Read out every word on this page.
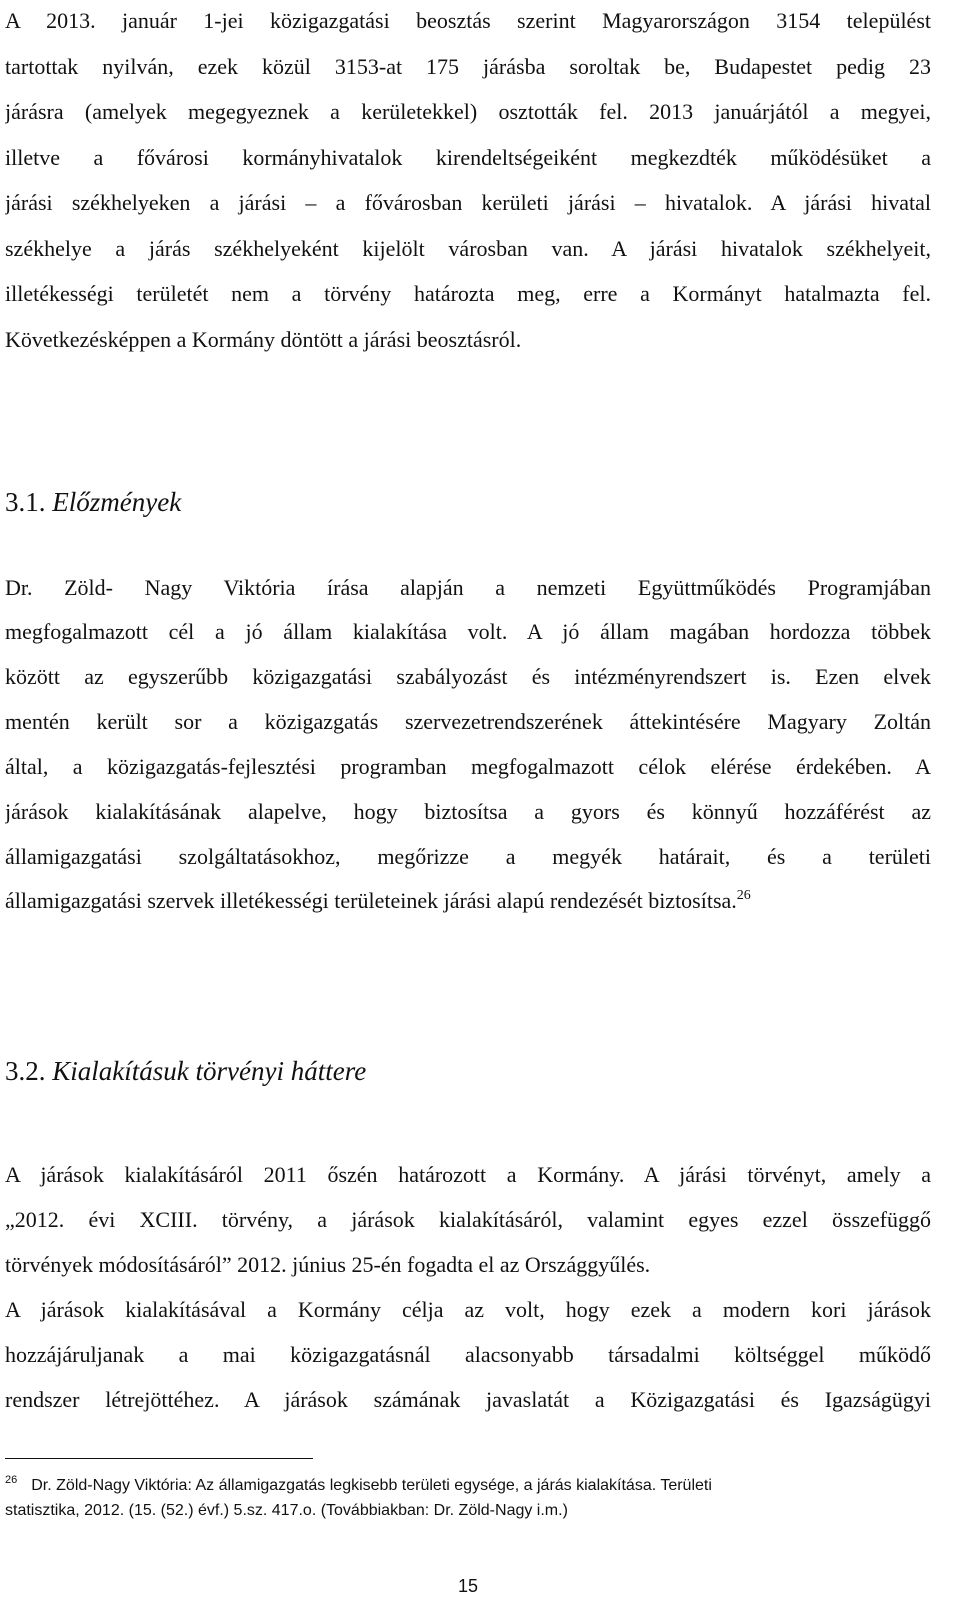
A 2013. január 1-jei közigazgatási beosztás szerint Magyarországon 3154 települést

tartottak nyilván, ezek közül 3153-at 175 járásba soroltak be, Budapestet pedig 23

járásra (amelyek megegyeznek a kerületekkel) osztották fel. 2013 januárjától a megyei,

illetve a fővárosi kormányhivatalok kirendeltségeiként megkezdték működésüket a

járási székhelyeken a járási – a fővárosban kerületi járási – hivatalok. A járási hivatal

székhelye a járás székhelyeként kijelölt városban van. A járási hivatalok székhelyeit,

illetékességi területét nem a törvény határozta meg, erre a Kormányt hatalmazta fel.

Következésképpen a Kormány döntött a járási beosztásról.

3.1. Előzmények

Dr. Zöld- Nagy Viktória írása alapján a nemzeti Együttműködés Programjában

megfogalmazott cél a jó állam kialakítása volt. A jó állam magában hordozza többek

között az egyszerűbb közigazgatási szabályozást és intézményrendszert is. Ezen elvek

mentén került sor a közigazgatás szervezetrendszerének áttekintésére Magyary Zoltán

által, a közigazgatás-fejlesztési programban megfogalmazott célok elérése érdekében. A

járások kialakításának alapelve, hogy biztosítsa a gyors és könnyű hozzáférést az

államigazgatási szolgáltatásokhoz, megőrizze a megyék határait, és a területi

államigazgatási szervek illetékességi területeinek járási alapú rendezését biztosítsa.$^{26}$

3.2. Kialakításuk törvényi háttere

A járások kialakításáról 2011 őszén határozott a Kormány. A járási törvényt, amely a

„2012. évi XCIII. törvény, a járások kialakításáról, valamint egyes ezzel összefüggő

törvények módosításáról” 2012. június 25-én fogadta el az Országgyűlés.

A járások kialakításával a Kormány célja az volt, hogy ezek a modern kori járások

hozzájáruljanak a mai közigazgatásnál alacsonyabb társadalmi költséggel működő

rendszer létrejöttéhez. A járások számának javaslatát a Közigazgatási és Igazságügyi

$^{26}$ Dr. Zöld-Nagy Viktória: Az államigazgatás legkisebb területi egysége, a járás kialakítása. Területi

statisztika, 2012. (15. (52.) évf.) 5.sz. 417.o. (Továbbiakban: Dr. Zöld-Nagy i.m.)

15
